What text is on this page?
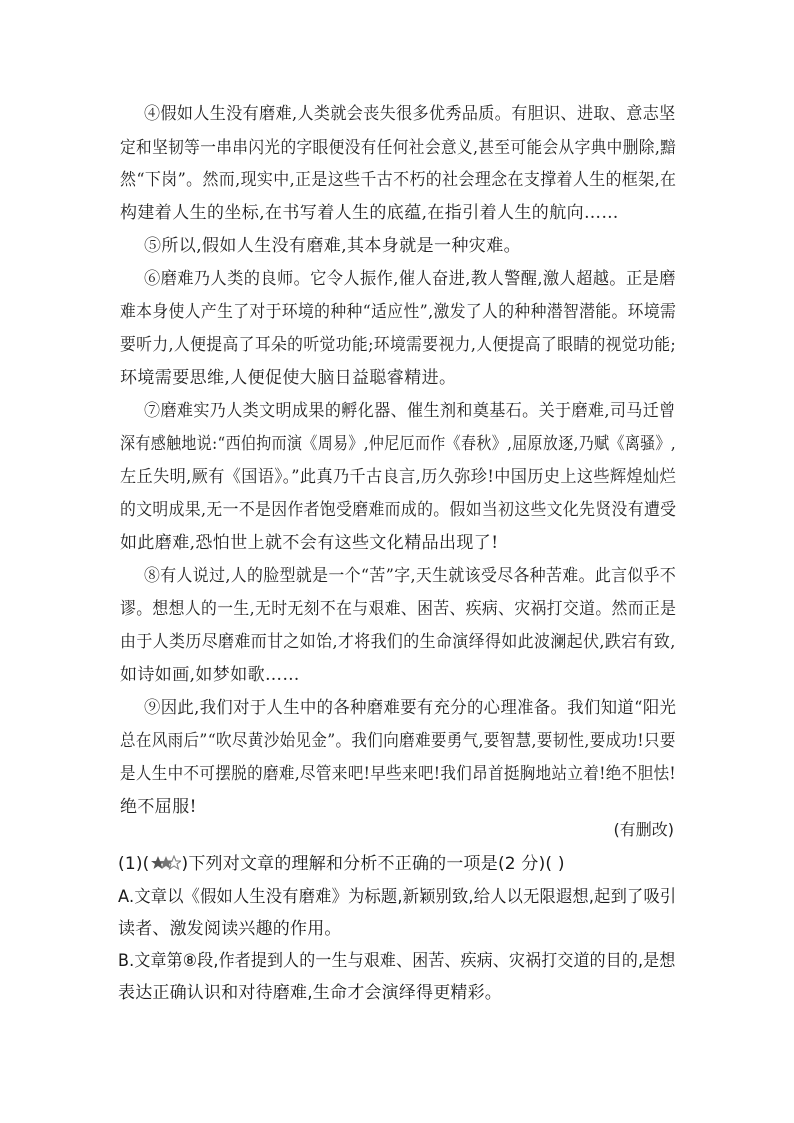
④假如人生没有磨难,人类就会丧失很多优秀品质。有胆识、进取、意志坚
定和坚韧等一串串闪光的字眼便没有任何社会意义,甚至可能会从字典中删除,黯
然“下岗”。然而,现实中,正是这些千古不朽的社会理念在支撑着人生的框架,在
构建着人生的坐标,在书写着人生的底蕴,在指引着人生的航向……
⑤所以,假如人生没有磨难,其本身就是一种灾难。
⑥磨难乃人类的良师。它令人振作,催人奋进,教人警醒,激人超越。正是磨
难本身使人产生了对于环境的种种“适应性”,激发了人的种种潜智潜能。环境需
要听力,人便提高了耳朵的听觉功能;环境需要视力,人便提高了眼睛的视觉功能;
环境需要思维,人便促使大脑日益聪睿精进。
⑦磨难实乃人类文明成果的孵化器、催生剂和奠基石。关于磨难,司马迁曾
深有感触地说:“西伯拘而演《周易》,仲尼厄而作《春秋》,屈原放逐,乃赋《离骚》,
左丘失明,厥有《国语》。”此真乃千古良言,历久弥珍!中国历史上这些辉煌灿烂
的文明成果,无一不是因作者饱受磨难而成的。假如当初这些文化先贤没有遭受
如此磨难,恐怕世上就不会有这些文化精品出现了!
⑧有人说过,人的脸型就是一个“苦”字,天生就该受尽各种苦难。此言似乎不
谬。想想人的一生,无时无刻不在与艰难、困苦、疾病、灾祸打交道。然而正是
由于人类历尽磨难而甘之如饴,才将我们的生命演绎得如此波澜起伏,跌宕有致,
如诗如画,如梦如歌……
⑨因此,我们对于人生中的各种磨难要有充分的心理准备。我们知道“阳光
总在风雨后”“吹尽黄沙始见金”。我们向磨难要勇气,要智慧,要韧性,要成功!只要
是人生中不可摆脱的磨难,尽管来吧!早些来吧!我们昂首挺胸地站立着!绝不胆怯!
绝不屈服!
(有删改)
(1)( )下列对文章的理解和分析不正确的一项是(2 分)( )
A.文章以《假如人生没有磨难》为标题,新颖别致,给人以无限遐想,起到了吸引
读者、激发阅读兴趣的作用。
B.文章第⑧段,作者提到人的一生与艰难、困苦、疾病、灾祸打交道的目的,是想
表达正确认识和对待磨难,生命才会演绎得更精彩。
